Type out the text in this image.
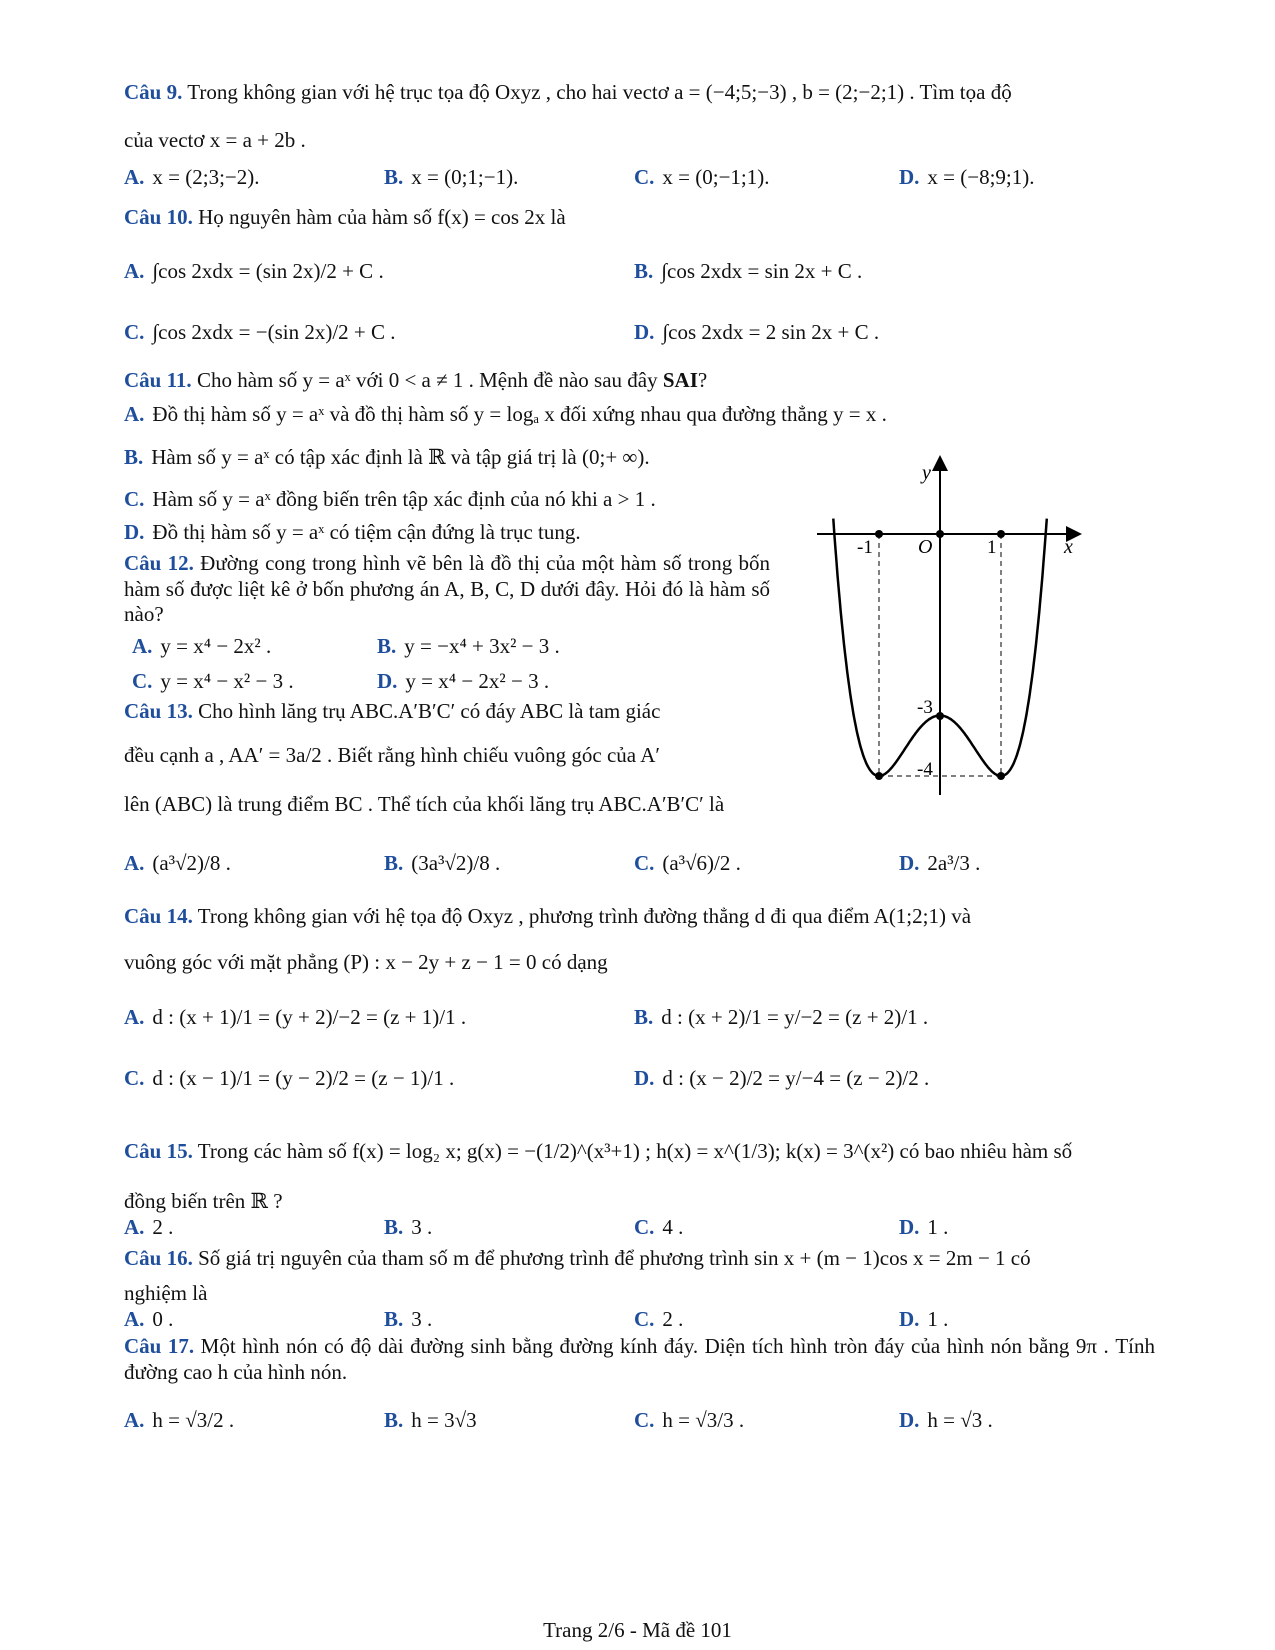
Câu 9. Trong không gian với hệ trục tọa độ Oxyz , cho hai vectơ a = (−4;5;−3) , b = (2;−2;1) . Tìm tọa độ
của vectơ x = a + 2b .
A. x = (2;3;−2).	B. x = (0;1;−1).	C. x = (0;−1;1).	D. x = (−8;9;1).
Câu 10. Họ nguyên hàm của hàm số f(x) = cos 2x là
A. ∫cos 2xdx = (sin 2x)/2 + C .	B. ∫cos 2xdx = sin 2x + C .
C. ∫cos 2xdx = −(sin 2x)/2 + C .	D. ∫cos 2xdx = 2 sin 2x + C .
Câu 11. Cho hàm số y = aˣ với 0 < a ≠ 1 . Mệnh đề nào sau đây SAI?
A. Đồ thị hàm số y = aˣ và đồ thị hàm số y = logₐ x đối xứng nhau qua đường thẳng y = x .
B. Hàm số y = aˣ có tập xác định là ℝ và tập giá trị là (0;+ ∞).
C. Hàm số y = aˣ đồng biến trên tập xác định của nó khi a > 1 .
D. Đồ thị hàm số y = aˣ có tiệm cận đứng là trục tung.
Câu 12. Đường cong trong hình vẽ bên là đồ thị của một hàm số trong bốn hàm số được liệt kê ở bốn phương án A, B, C, D dưới đây. Hỏi đó là hàm số nào?
A. y = x⁴ − 2x² .	B. y = −x⁴ + 3x² − 3 .
C. y = x⁴ − x² − 3 .	D. y = x⁴ − 2x² − 3 .
y
x
O
-1	1
-3
-4
Câu 13. Cho hình lăng trụ ABC.A′B′C′ có đáy ABC là tam giác
đều cạnh a , AA′ = 3a/2 . Biết rằng hình chiếu vuông góc của A′
lên (ABC) là trung điểm BC . Thể tích của khối lăng trụ ABC.A′B′C′ là
A. (a³√2)/8 .	B. (3a³√2)/8 .	C. (a³√6)/2 .	D. 2a³/3 .
Câu 14. Trong không gian với hệ tọa độ Oxyz , phương trình đường thẳng d đi qua điểm A(1;2;1) và
vuông góc với mặt phẳng (P) : x − 2y + z − 1 = 0 có dạng
A. d : (x + 1)/1 = (y + 2)/−2 = (z + 1)/1 .	B. d : (x + 2)/1 = y/−2 = (z + 2)/1 .
C. d : (x − 1)/1 = (y − 2)/2 = (z − 1)/1 .	D. d : (x − 2)/2 = y/−4 = (z − 2)/2 .
Câu 15. Trong các hàm số f(x) = log₂ x; g(x) = −(1/2)^(x³+1) ; h(x) = x^(1/3); k(x) = 3^(x²) có bao nhiêu hàm số
đồng biến trên ℝ ?
A. 2 .	B. 3 .	C. 4 .	D. 1 .
Câu 16. Số giá trị nguyên của tham số m để phương trình để phương trình sin x + (m − 1)cos x = 2m − 1 có
nghiệm là
A. 0 .	B. 3 .	C. 2 .	D. 1 .
Câu 17. Một hình nón có độ dài đường sinh bằng đường kính đáy. Diện tích hình tròn đáy của hình nón bằng 9π . Tính đường cao h của hình nón.
A. h = √3/2 .	B. h = 3√3	C. h = √3/3 .	D. h = √3 .
Trang 2/6 - Mã đề 101
